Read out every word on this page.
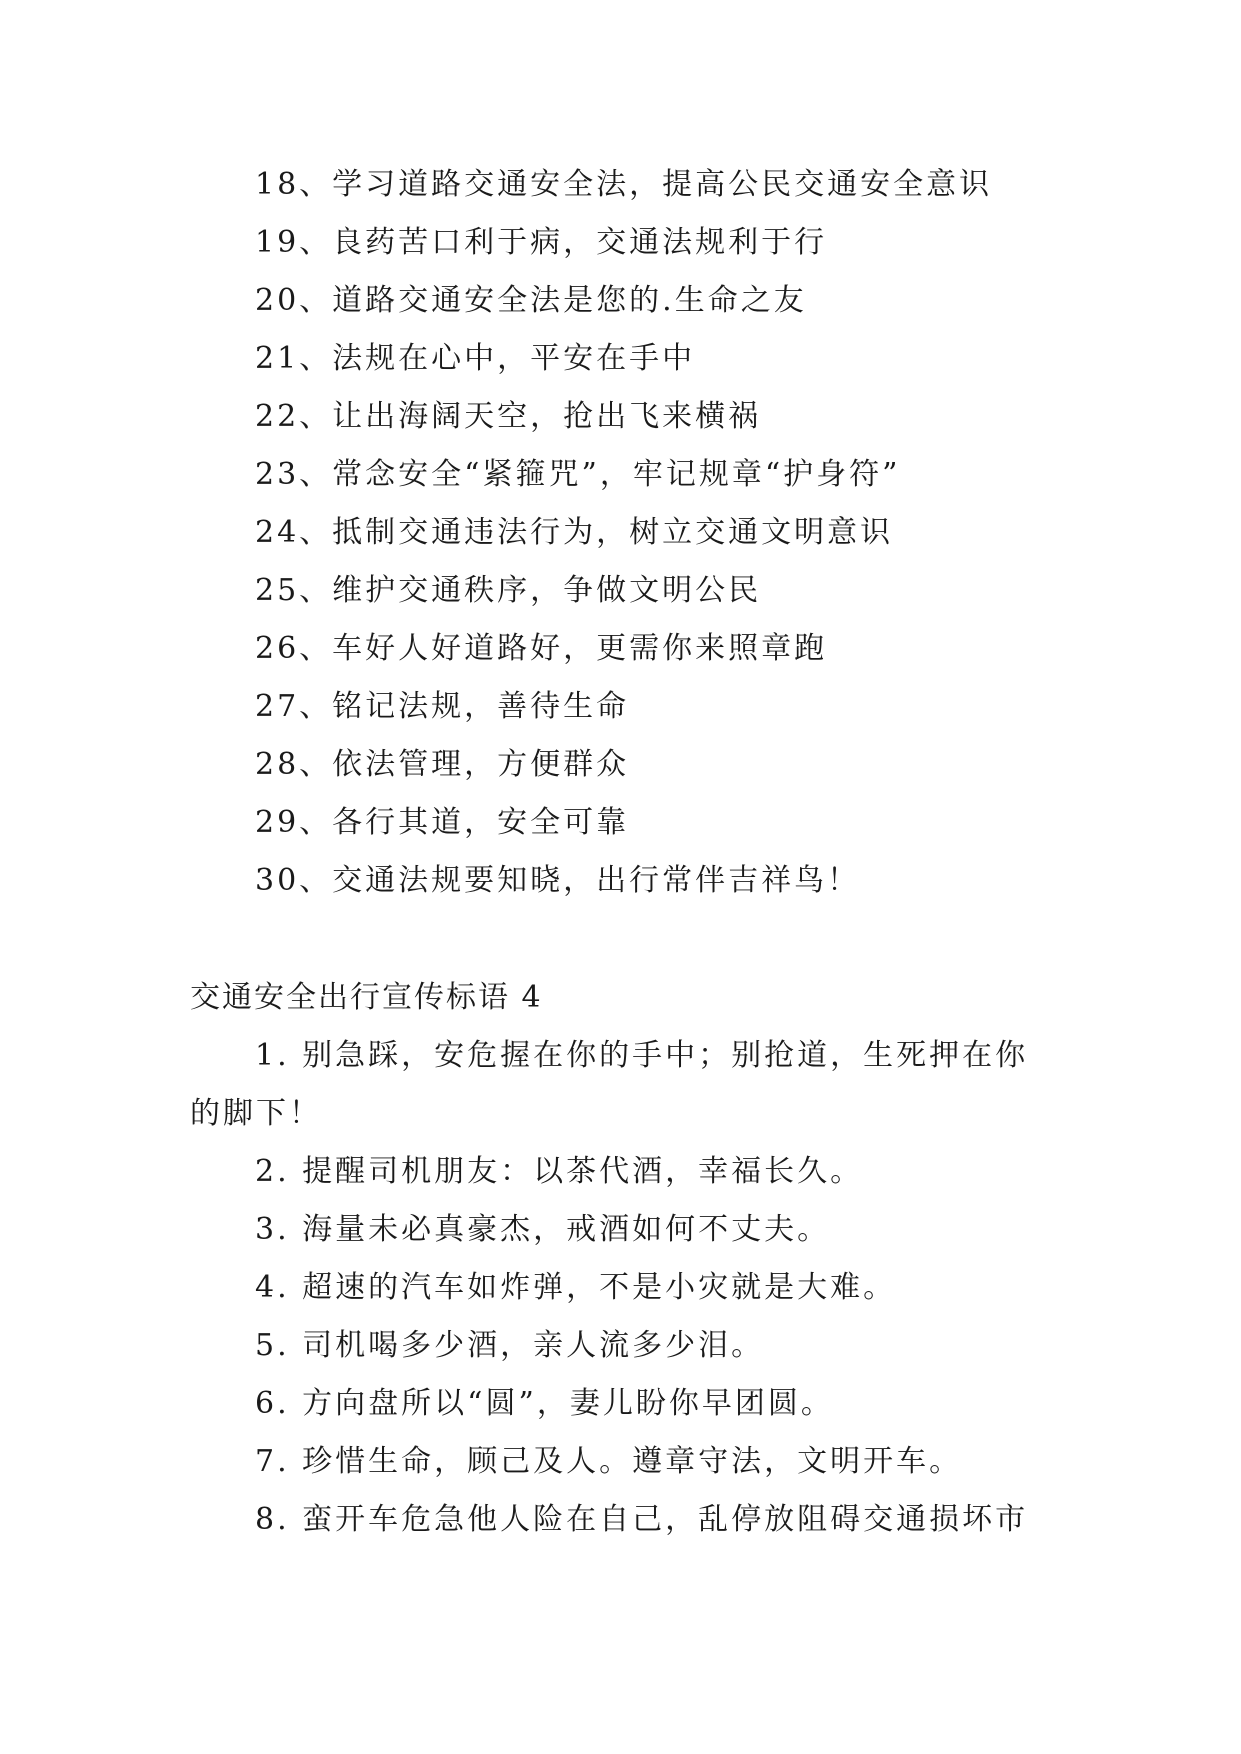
18、学习道路交通安全法，提高公民交通安全意识
19、良药苦口利于病，交通法规利于行
20、道路交通安全法是您的.生命之友
21、法规在心中，平安在手中
22、让出海阔天空，抢出飞来横祸
23、常念安全“紧箍咒”，牢记规章“护身符”
24、抵制交通违法行为，树立交通文明意识
25、维护交通秩序，争做文明公民
26、车好人好道路好，更需你来照章跑
27、铭记法规，善待生命
28、依法管理，方便群众
29、各行其道，安全可靠
30、交通法规要知晓，出行常伴吉祥鸟！
交通安全出行宣传标语 4
1. 别急踩，安危握在你的手中；别抢道，生死押在你
的脚下！
2. 提醒司机朋友：以茶代酒，幸福长久。
3. 海量未必真豪杰，戒酒如何不丈夫。
4. 超速的汽车如炸弹，不是小灾就是大难。
5. 司机喝多少酒，亲人流多少泪。
6. 方向盘所以“圆”，妻儿盼你早团圆。
7. 珍惜生命，顾己及人。遵章守法，文明开车。
8. 蛮开车危急他人险在自己，乱停放阻碍交通损坏市
